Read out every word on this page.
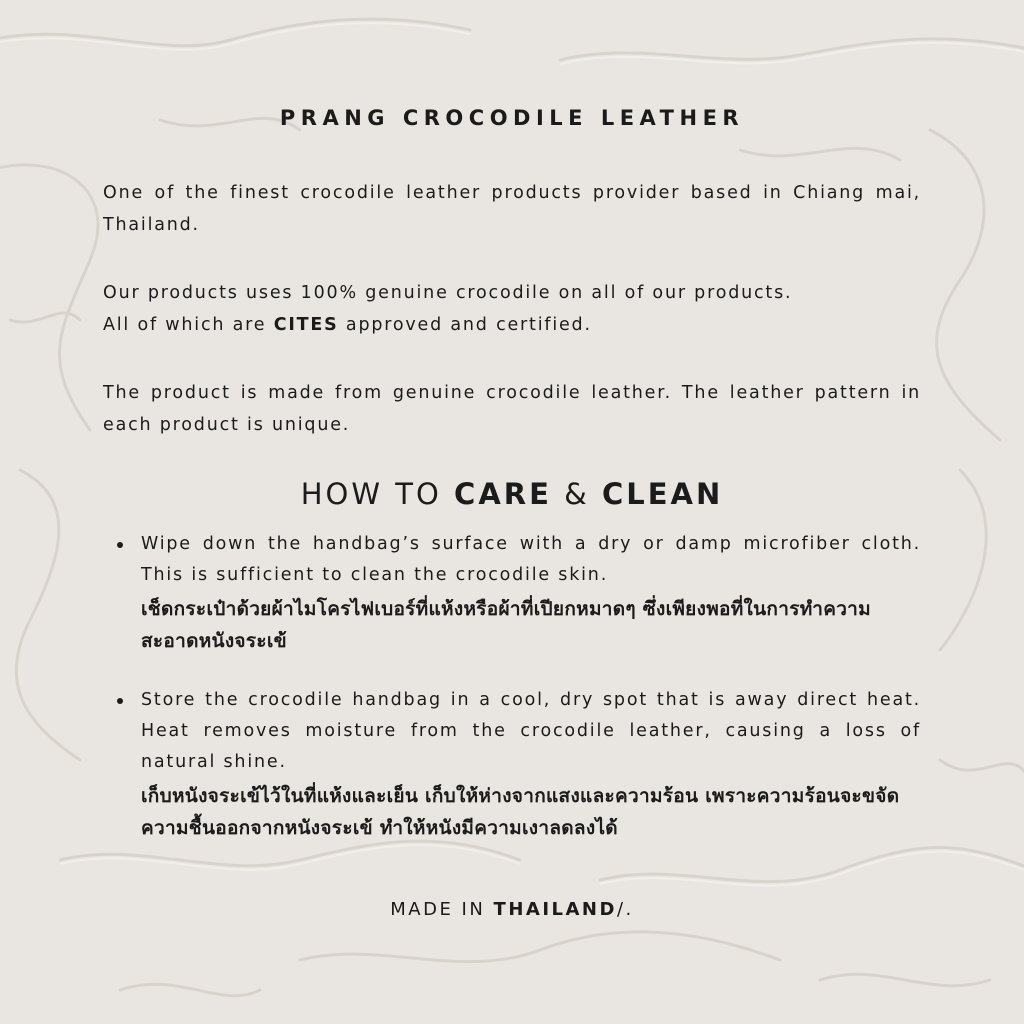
PRANG CROCODILE LEATHER
One of the finest crocodile leather products provider based in Chiang mai, Thailand.
Our products uses 100% genuine crocodile on all of our products.
All of which are CITES approved and certified.
The product is made from genuine crocodile leather. The leather pattern in each product is unique.
HOW TO CARE & CLEAN
Wipe down the handbag’s surface with a dry or damp microfiber cloth. This is sufficient to clean the crocodile skin.
เช็ดกระเป๋าด้วยผ้าไมโครไฟเบอร์ที่แห้งหรือผ้าที่เปียกหมาดๆ ซึ่งเพียงพอที่ในการทำความสะอาดหนังจระเข้
Store the crocodile handbag in a cool, dry spot that is away direct heat. Heat removes moisture from the crocodile leather, causing a loss of natural shine.
เก็บหนังจระเข้ไว้ในที่แห้งและเย็น เก็บให้ห่างจากแสงและความร้อน เพราะความร้อนจะขจัดความชื้นออกจากหนังจระเข้ ทำให้หนังมีความเงาลดลงได้
MADE IN THAILAND/.
